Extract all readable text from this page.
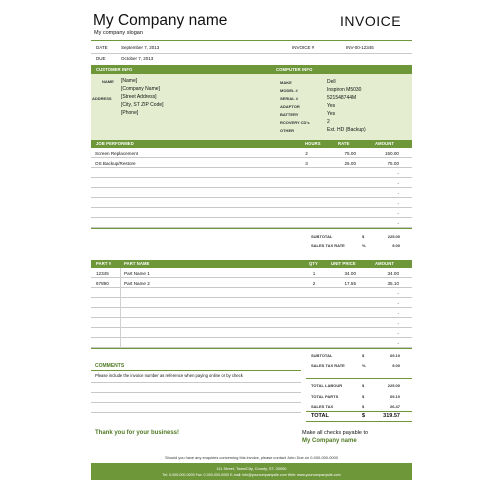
My Company name
My company slogan
INVOICE
DATE	September 7, 2013	INVOICE #	INV-00-12345
DUE	October 7, 2013
CUSTOMER INFO	COMPUTER INFO
NAME [Name]
[Company Name]
ADDRESS [Street Address]
[City, ST ZIP Code]
[Phone]
MAKE	Dell
MODEL #	Inspiron M5030
SERIAL #	521548744M
ADAPTOR	Yes
BATTERY	Yes
RCOVERY CD's	2
OTHER	Ext. HD (Backup)
JOB PERFORMED	HOURS	RATE	AMOUNT
Screen Replacement	2	75.00	150.00
OS Backup/Restore	3	25.00	75.00
-
-
-
-
-
-
SUBTOTAL	$	225.00
SALES TAX RATE	%	9.00
PART #	PART NAME	QTY	UNIT PRICE	AMOUNT
12345	Part Name 1	1	34.00	34.00
67890	Part Name 2	2	17.55	35.10
-
-
-
-
-
-
SUBTOTAL	$	69.10
SALES TAX RATE	%	9.00
COMMENTS
Please include the invoice number as reference when paying online or by check
TOTAL LABOUR	$	225.00
TOTAL PARTS	$	69.10
SALES TAX	$	26.47
TOTAL	$	319.57
Thank you for your business!	Make all checks payable to
My Company name
Should you have any enquiries concerning this invoice, please contact John Doe on 0-000-000-0000
111 Street, Town/City, County, ST, 00000
Tel: 0-000-000-0000 Fax: 0-000-000-0000 E-mail: info@yourcompanysite.com Web: www.yourcompanysite.com
